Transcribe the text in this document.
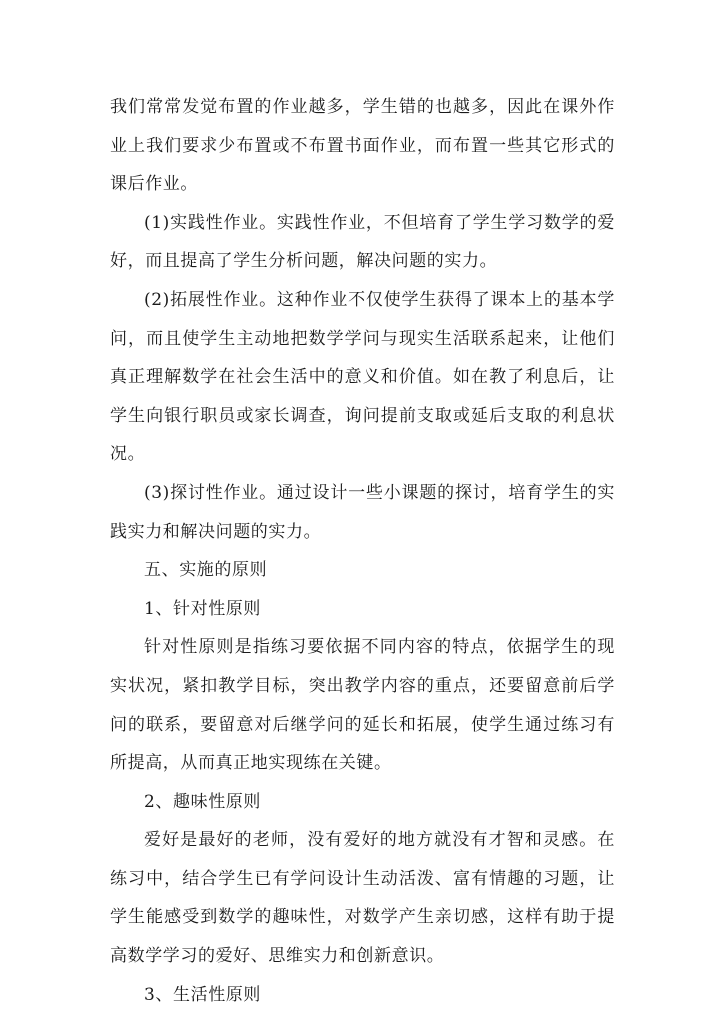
我们常常发觉布置的作业越多，学生错的也越多，因此在课外作业上我们要求少布置或不布置书面作业，而布置一些其它形式的课后作业。

(1)实践性作业。实践性作业，不但培育了学生学习数学的爱好，而且提高了学生分析问题，解决问题的实力。

(2)拓展性作业。这种作业不仅使学生获得了课本上的基本学问，而且使学生主动地把数学学问与现实生活联系起来，让他们真正理解数学在社会生活中的意义和价值。如在教了利息后，让学生向银行职员或家长调查，询问提前支取或延后支取的利息状况。

(3)探讨性作业。通过设计一些小课题的探讨，培育学生的实践实力和解决问题的实力。

五、实施的原则

1、针对性原则

针对性原则是指练习要依据不同内容的特点，依据学生的现实状况，紧扣教学目标，突出教学内容的重点，还要留意前后学问的联系，要留意对后继学问的延长和拓展，使学生通过练习有所提高，从而真正地实现练在关键。

2、趣味性原则

爱好是最好的老师，没有爱好的地方就没有才智和灵感。在练习中，结合学生已有学问设计生动活泼、富有情趣的习题，让学生能感受到数学的趣味性，对数学产生亲切感，这样有助于提高数学学习的爱好、思维实力和创新意识。

3、生活性原则
